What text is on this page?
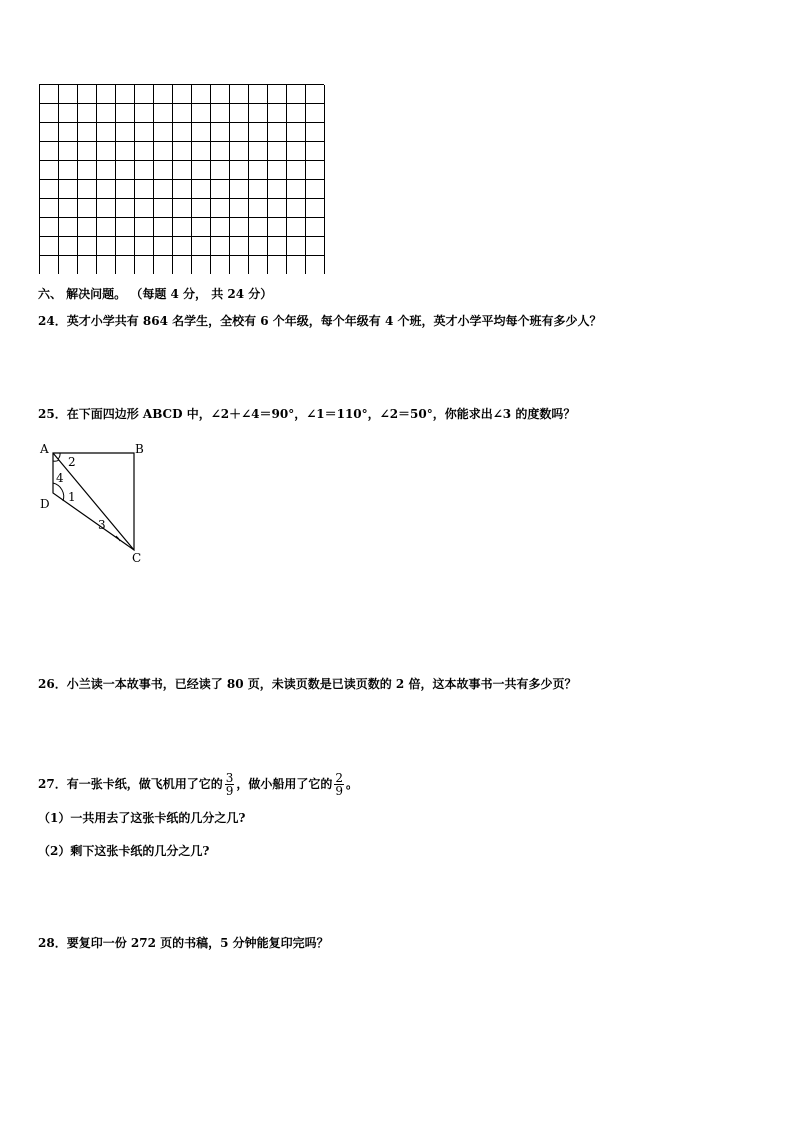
六、 解决问题。 （每题 4 分， 共 24 分）
24．英才小学共有 864 名学生，全校有 6 个年级，每个年级有 4 个班，英才小学平均每个班有多少人？
25．在下面四边形 ABCD 中，∠2＋∠4＝90°，∠1＝110°，∠2＝50°，你能求出∠3 的度数吗？
A	B
C
D 1
2
3
4
26．小兰读一本故事书，已经读了 80 页，未读页数是已读页数的 2 倍，这本故事书一共有多少页？
27．有一张卡纸，做飞机用了它的 $\frac{3}{9}$ ，做小船用了它的 $\frac{2}{9}$ 。
（1）一共用去了这张卡纸的几分之几?
（2）剩下这张卡纸的几分之几?
28．要复印一份 272 页的书稿，5 分钟能复印完吗？
